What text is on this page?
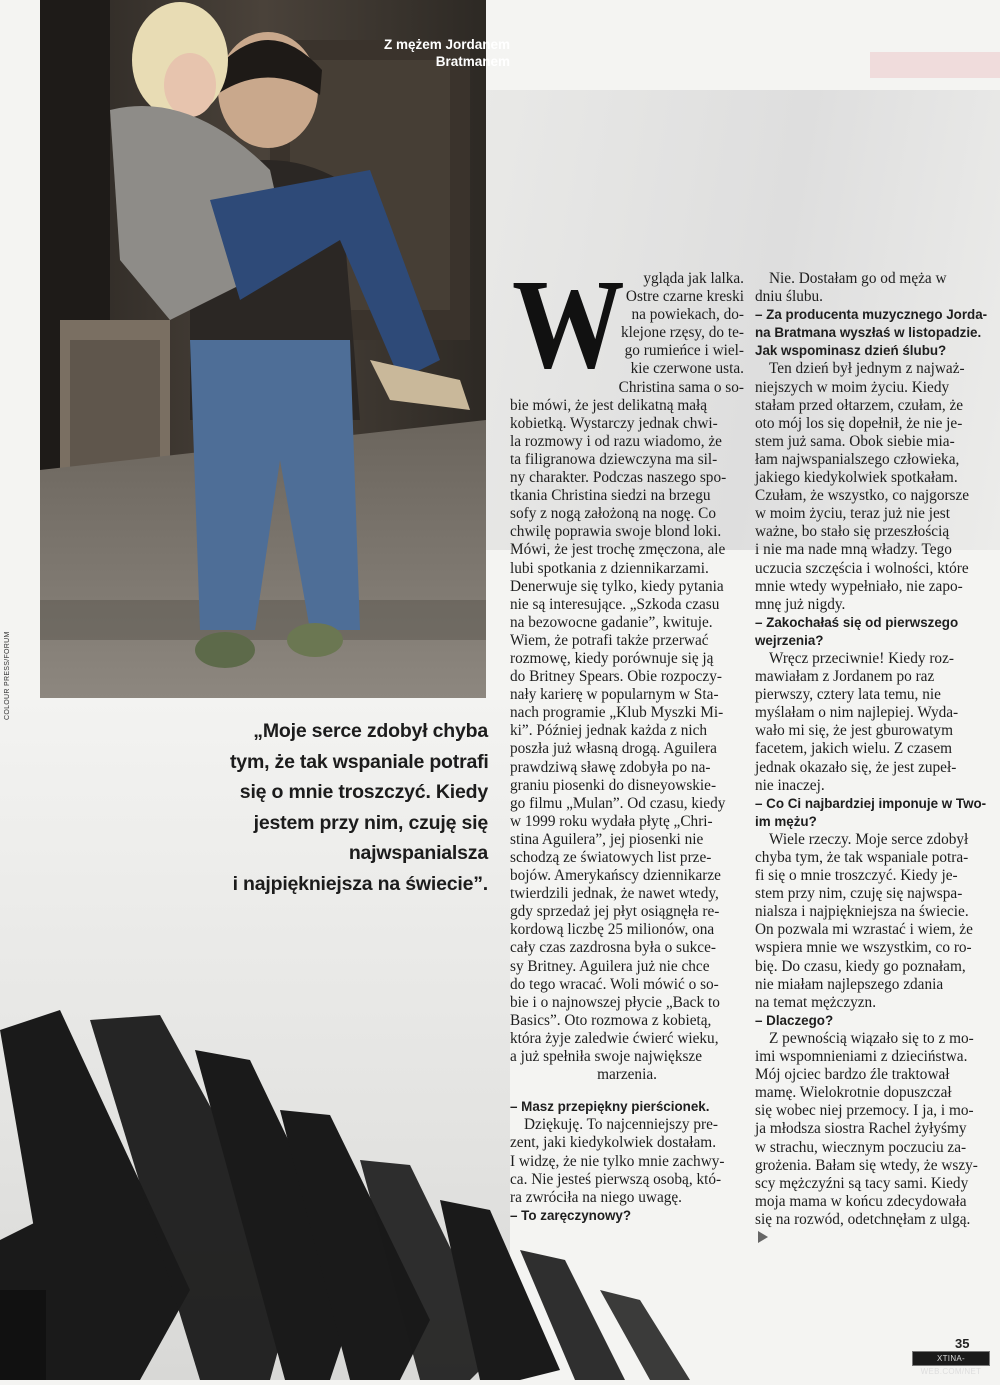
Z mężem Jordanem
Bratmanem
COLOUR PRESS/FORUM
„Moje serce zdobył chyba
tym, że tak wspaniale potrafi
się o mnie troszczyć. Kiedy
jestem przy nim, czuję się
najwspanialsza
i najpiękniejsza na świecie”.
W	ygląda jak lalka.
Ostre czarne kreski
na powiekach, do-
klejone rzęsy, do te-
go rumieńce i wiel-
kie czerwone usta.
Christina sama o so-
bie mówi, że jest delikatną małą
kobietką. Wystarczy jednak chwi-
la rozmowy i od razu wiadomo, że
ta filigranowa dziewczyna ma sil-
ny charakter. Podczas naszego spo-
tkania Christina siedzi na brzegu
sofy z nogą założoną na nogę. Co
chwilę poprawia swoje blond loki.
Mówi, że jest trochę zmęczona, ale
lubi spotkania z dziennikarzami.
Denerwuje się tylko, kiedy pytania
nie są interesujące. „Szkoda czasu
na bezowocne gadanie”, kwituje.
Wiem, że potrafi także przerwać
rozmowę, kiedy porównuje się ją
do Britney Spears. Obie rozpoczy-
nały karierę w popularnym w Sta-
nach programie „Klub Myszki Mi-
ki”. Później jednak każda z nich
poszła już własną drogą. Aguilera
prawdziwą sławę zdobyła po na-
graniu piosenki do disneyowskie-
go filmu „Mulan”. Od czasu, kiedy
w 1999 roku wydała płytę „Chri-
stina Aguilera”, jej piosenki nie
schodzą ze światowych list prze-
bojów. Amerykańscy dziennikarze
twierdzili jednak, że nawet wtedy,
gdy sprzedaż jej płyt osiągnęła re-
kordową liczbę 25 milionów, ona
cały czas zazdrosna była o sukce-
sy Britney. Aguilera już nie chce
do tego wracać. Woli mówić o so-
bie i o najnowszej płycie „Back to
Basics”. Oto rozmowa z kobietą,
która żyje zaledwie ćwierć wieku,
a już spełniła swoje największe
marzenia.
– Masz przepiękny pierścionek.
Dziękuję. To najcenniejszy pre-
zent, jaki kiedykolwiek dostałam.
I widzę, że nie tylko mnie zachwy-
ca. Nie jesteś pierwszą osobą, któ-
ra zwróciła na niego uwagę.
– To zaręczynowy?
Nie. Dostałam go od męża w
dniu ślubu.
– Za producenta muzycznego Jorda-
na Bratmana wyszłaś w listopadzie.
Jak wspominasz dzień ślubu?
Ten dzień był jednym z najważ-
niejszych w moim życiu. Kiedy
stałam przed ołtarzem, czułam, że
oto mój los się dopełnił, że nie je-
stem już sama. Obok siebie mia-
łam najwspanialszego człowieka,
jakiego kiedykolwiek spotkałam.
Czułam, że wszystko, co najgorsze
w moim życiu, teraz już nie jest
ważne, bo stało się przeszłością
i nie ma nade mną władzy. Tego
uczucia szczęścia i wolności, które
mnie wtedy wypełniało, nie zapo-
mnę już nigdy.
– Zakochałaś się od pierwszego
wejrzenia?
Wręcz przeciwnie! Kiedy roz-
mawiałam z Jordanem po raz
pierwszy, cztery lata temu, nie
myślałam o nim najlepiej. Wyda-
wało mi się, że jest gburowatym
facetem, jakich wielu. Z czasem
jednak okazało się, że jest zupeł-
nie inaczej.
– Co Ci najbardziej imponuje w Two-
im mężu?
Wiele rzeczy. Moje serce zdobył
chyba tym, że tak wspaniale potra-
fi się o mnie troszczyć. Kiedy je-
stem przy nim, czuję się najwspa-
nialsza i najpiękniejsza na świecie.
On pozwala mi wzrastać i wiem, że
wspiera mnie we wszystkim, co ro-
bię. Do czasu, kiedy go poznałam,
nie miałam najlepszego zdania
na temat mężczyzn.
– Dlaczego?
Z pewnością wiązało się to z mo-
imi wspomnieniami z dzieciństwa.
Mój ojciec bardzo źle traktował
mamę. Wielokrotnie dopuszczał
się wobec niej przemocy. I ja, i mo-
ja młodsza siostra Rachel żyłyśmy
w strachu, wiecznym poczuciu za-
grożenia. Bałam się wtedy, że wszy-
scy mężczyźni są tacy sami. Kiedy
moja mama w końcu zdecydowała
się na rozwód, odetchnęłam z ulgą.
35
XTINA-WEB.COM/NET
